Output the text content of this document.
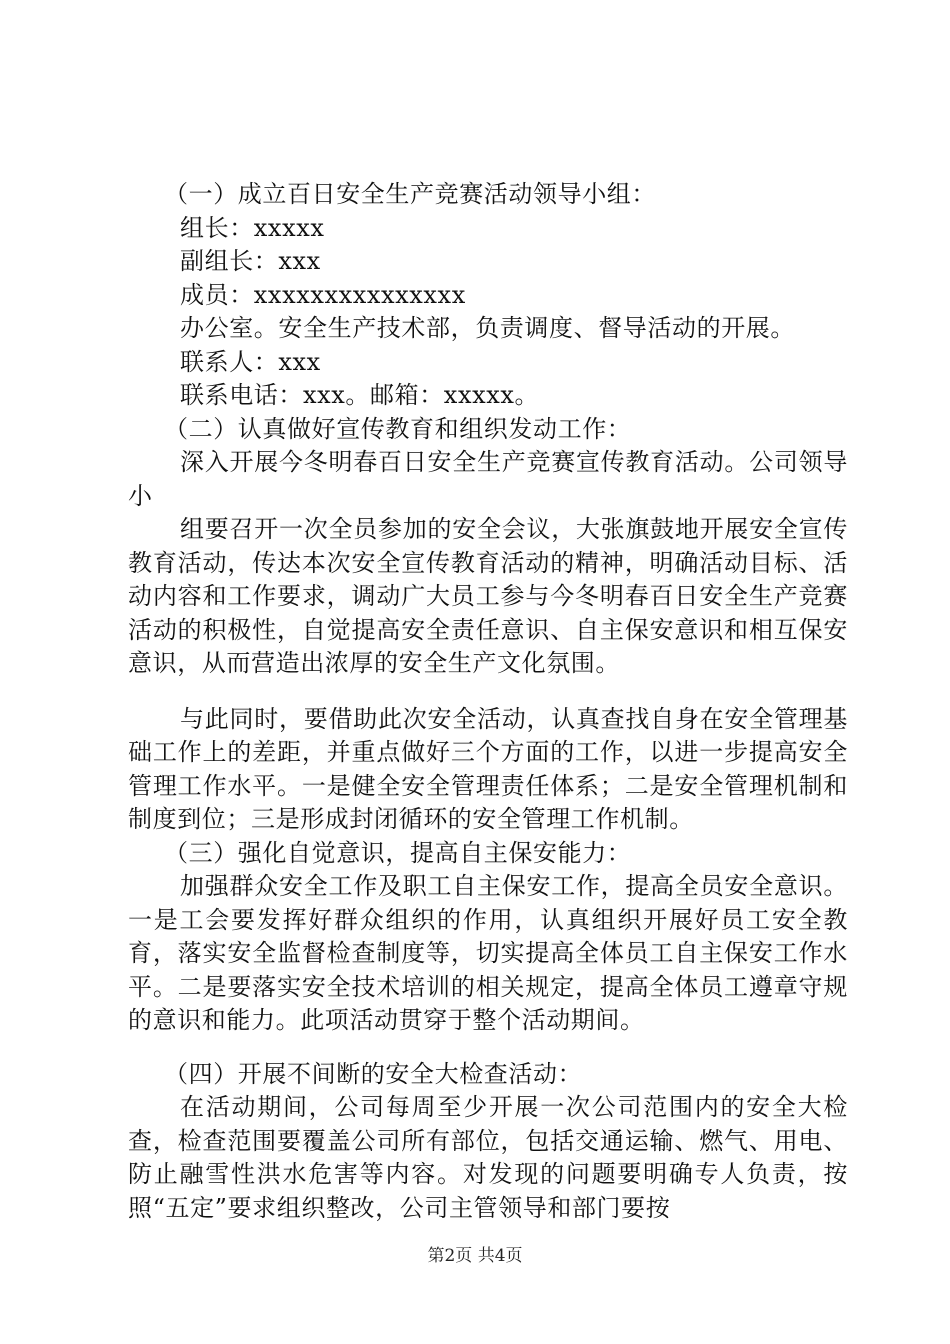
（一）成立百日安全生产竞赛活动领导小组：
组长：xxxxx
副组长：xxx
成员：xxxxxxxxxxxxxxx
办公室。安全生产技术部，负责调度、督导活动的开展。
联系人：xxx
联系电话：xxx。邮箱：xxxxx。
（二）认真做好宣传教育和组织发动工作：

深入开展今冬明春百日安全生产竞赛宣传教育活动。公司领导小

组要召开一次全员参加的安全会议，大张旗鼓地开展安全宣传教育活动，传达本次安全宣传教育活动的精神，明确活动目标、活动内容和工作要求，调动广大员工参与今冬明春百日安全生产竞赛活动的积极性，自觉提高安全责任意识、自主保安意识和相互保安意识，从而营造出浓厚的安全生产文化氛围。

与此同时，要借助此次安全活动，认真查找自身在安全管理基础工作上的差距，并重点做好三个方面的工作，以进一步提高安全管理工作水平。一是健全安全管理责任体系；二是安全管理机制和制度到位；三是形成封闭循环的安全管理工作机制。

（三）强化自觉意识，提高自主保安能力：

加强群众安全工作及职工自主保安工作，提高全员安全意识。一是工会要发挥好群众组织的作用，认真组织开展好员工安全教育，落实安全监督检查制度等，切实提高全体员工自主保安工作水平。二是要落实安全技术培训的相关规定，提高全体员工遵章守规的意识和能力。此项活动贯穿于整个活动期间。

（四）开展不间断的安全大检查活动：

在活动期间，公司每周至少开展一次公司范围内的安全大检查，检查范围要覆盖公司所有部位，包括交通运输、燃气、用电、防止融雪性洪水危害等内容。对发现的问题要明确专人负责，按照“五定”要求组织整改，公司主管领导和部门要按

第2页 共4页
